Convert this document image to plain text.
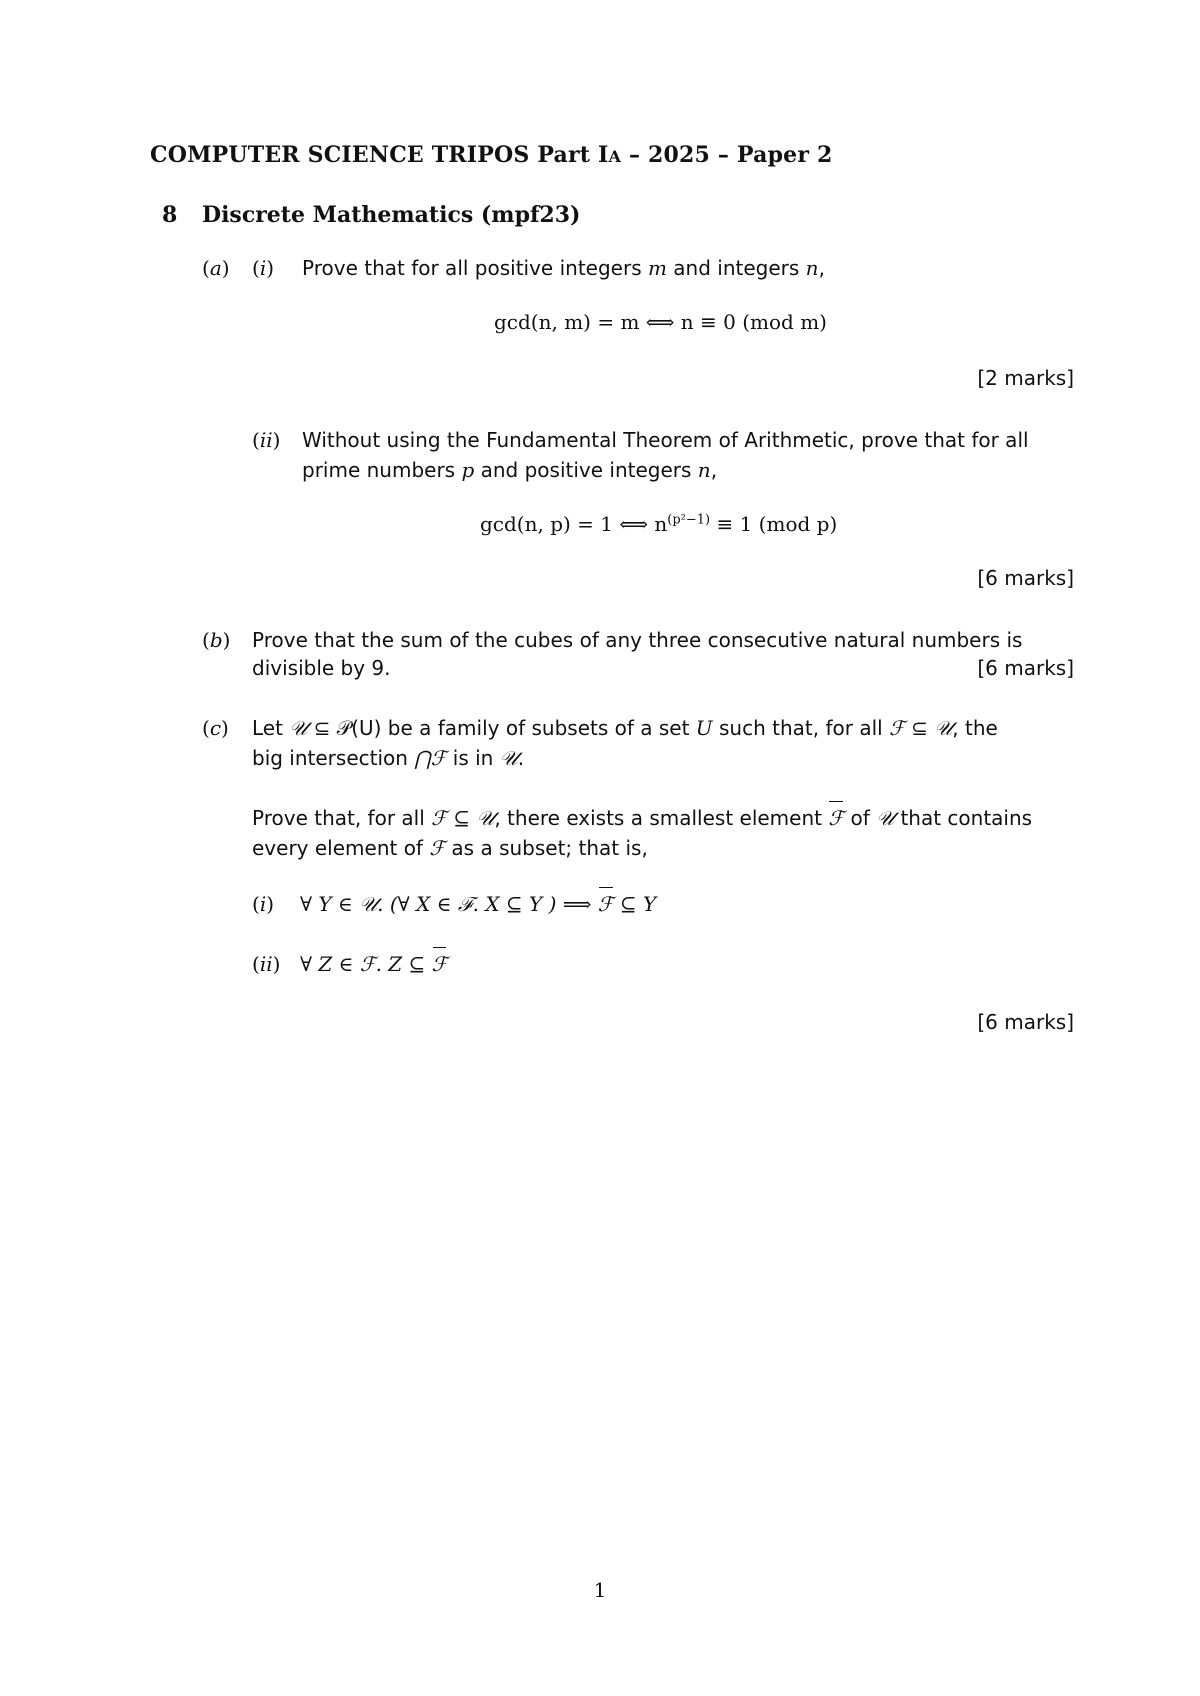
COMPUTER SCIENCE TRIPOS Part IA – 2025 – Paper 2
8 Discrete Mathematics (mpf23)
(a) (i) Prove that for all positive integers m and integers n,
gcd(n, m) = m ⟺ n ≡ 0 (mod m)
[2 marks]
(ii) Without using the Fundamental Theorem of Arithmetic, prove that for all
prime numbers p and positive integers n,
gcd(n, p) = 1 ⟺ $n^{(p^2-1)} \equiv 1$ (mod p)
[6 marks]
(b) Prove that the sum of the cubes of any three consecutive natural numbers is
divisible by 9.	[6 marks]
(c) Let 𝒰 ⊆ 𝒫(U) be a family of subsets of a set U such that, for all ℱ ⊆ 𝒰, the
big intersection ⋂ℱ is in 𝒰.
Prove that, for all ℱ ⊆ 𝒰, there exists a smallest element ℱ of 𝒰 that contains
every element of ℱ as a subset; that is,
(i) ∀ Y ∈ 𝒰. (∀ X ∈ ℱ. X ⊆ Y ) ⟹ ℱ ⊆ Y
(ii) ∀ Z ∈ ℱ. Z ⊆ ℱ
[6 marks]
1
